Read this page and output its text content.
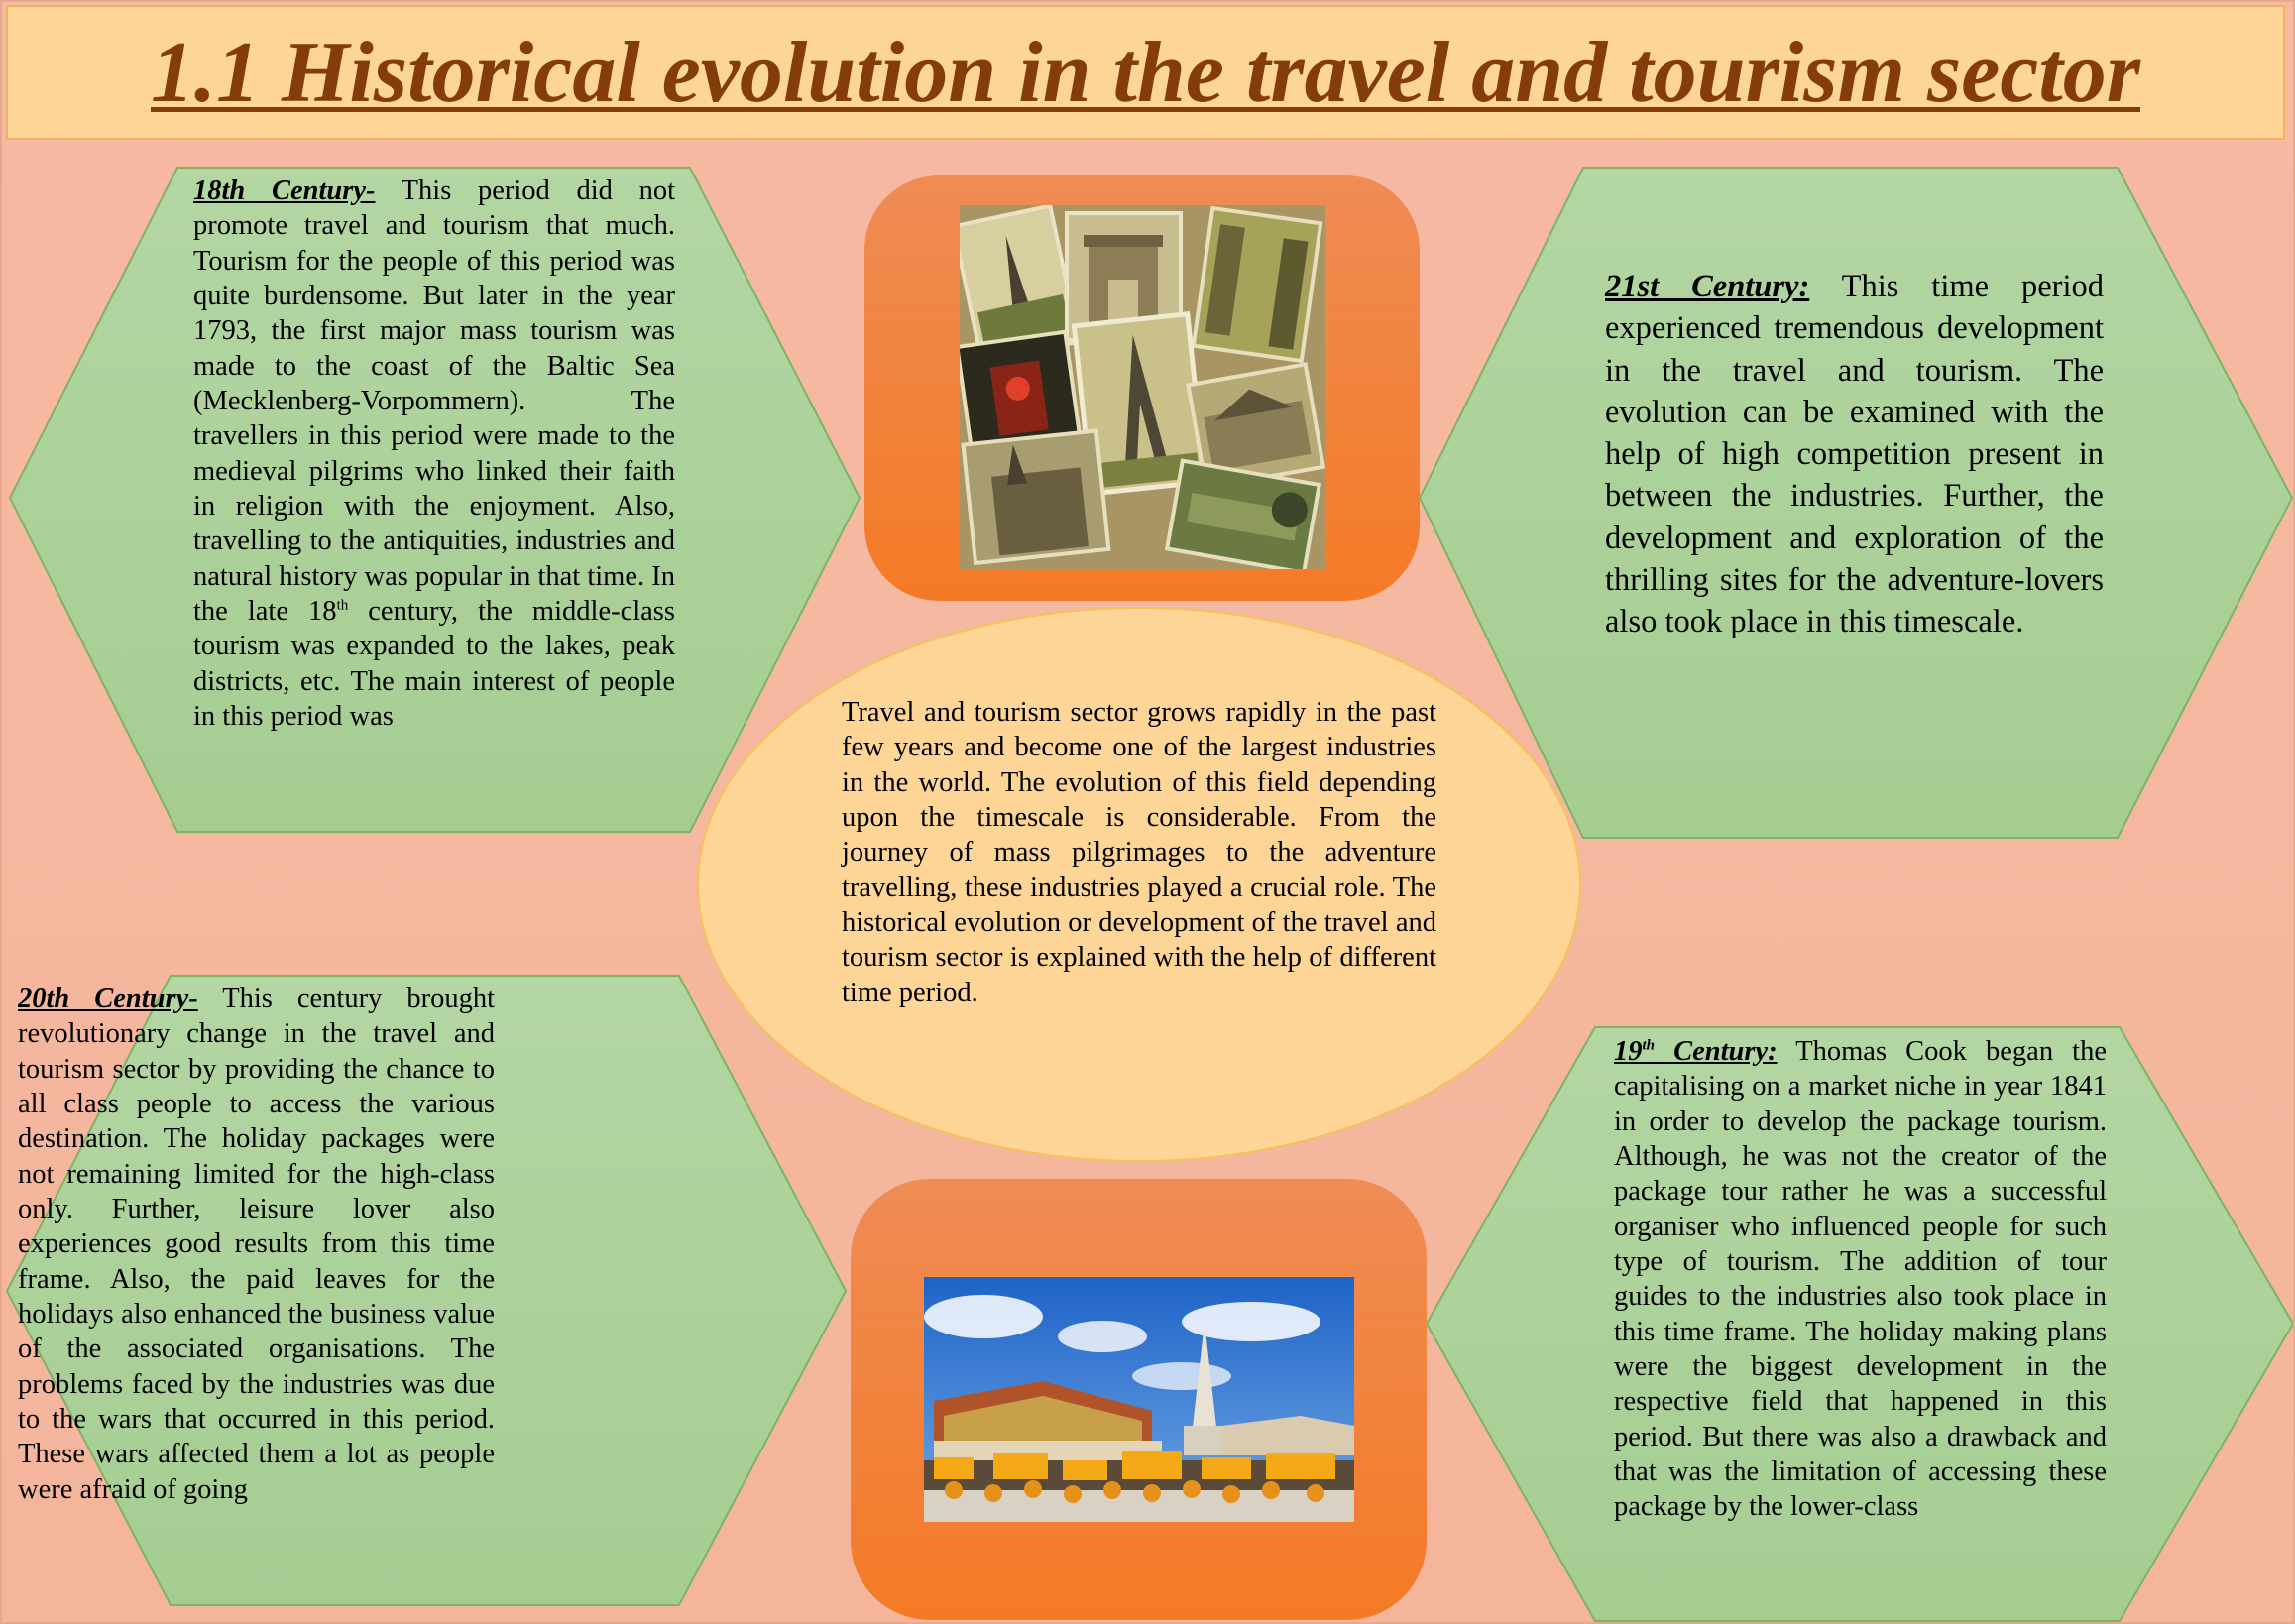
1.1 Historical evolution in the travel and tourism sector
18th Century- This period did not promote travel and tourism that much. Tourism for the people of this period was quite burdensome. But later in the year 1793, the first major mass tourism was made to the coast of the Baltic Sea (Mecklenberg-Vorpommern). The travellers in this period were made to the medieval pilgrims who linked their faith in religion with the enjoyment. Also, travelling to the antiquities, industries and natural history was popular in that time. In the late 18th century, the middle-class tourism was expanded to the lakes, peak districts, etc. The main interest of people in this period was
21st Century: This time period experienced tremendous development in the travel and tourism. The evolution can be examined with the help of high competition present in between the industries. Further, the development and exploration of the thrilling sites for the adventure-lovers also took place in this timescale.
Travel and tourism sector grows rapidly in the past few years and become one of the largest industries in the world. The evolution of this field depending upon the timescale is considerable. From the journey of mass pilgrimages to the adventure travelling, these industries played a crucial role. The historical evolution or development of the travel and tourism sector is explained with the help of different time period.
20th Century- This century brought revolutionary change in the travel and tourism sector by providing the chance to all class people to access the various destination. The holiday packages were not remaining limited for the high-class only. Further, leisure lover also experiences good results from this time frame. Also, the paid leaves for the holidays also enhanced the business value of the associated organisations. The problems faced by the industries was due to the wars that occurred in this period. These wars affected them a lot as people were afraid of going
19th Century: Thomas Cook began the capitalising on a market niche in year 1841 in order to develop the package tourism. Although, he was not the creator of the package tour rather he was a successful organiser who influenced people for such type of tourism. The addition of tour guides to the industries also took place in this time frame. The holiday making plans were the biggest development in the respective field that happened in this period. But there was also a drawback and that was the limitation of accessing these package by the lower-class
